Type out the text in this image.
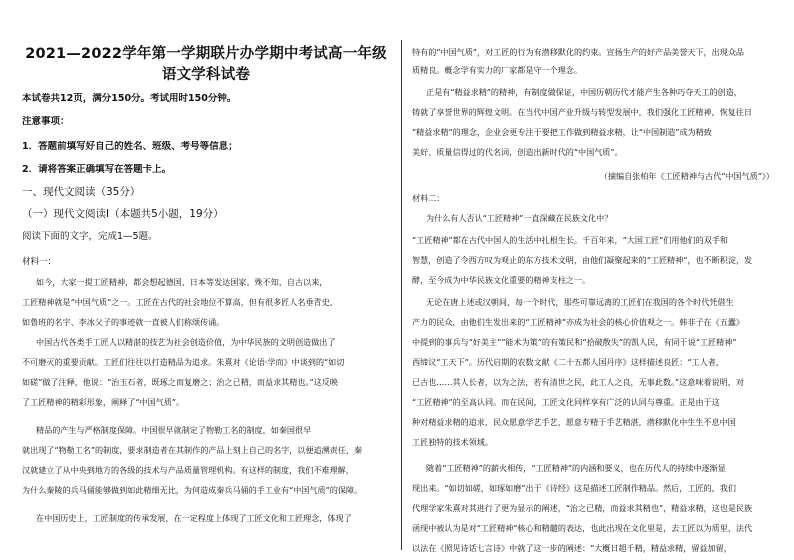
2021—2022学年第一学期联片办学期中考试高一年级
语文学科试卷

本试卷共12页，满分150分。考试用时150分钟。

注意事项：

1．答题前填写好自己的姓名、班级、考号等信息；

2．请将答案正确填写在答题卡上。

一、现代文阅读（35分）

（一）现代文阅读Ⅰ（本题共5小题，19分）

阅读下面的文字，完成1—5题。

材料一：

如今，大家一提工匠精神，都会想起德国、日本等发达国家。殊不知，自古以来，

工匠精神就是“中国气质”之一。工匠在古代的社会地位不算高，但有很多匠人名垂青史，

如鲁班的名字、李冰父子的事迹就一直被人们称颂传诵。

中国古代各类手工匠人以精湛的技艺为社会创造价值，为中华民族的文明创造做出了

不可磨灭的重要贡献。工匠们往往以打造精品为追求。朱熹对《论语·学而》中谈到的“如切

如磋”做了注释，他说：“治玉石者，既琢之而复磨之；治之已精，而益求其精也。”这反映

了工匠精神的精彩形象，阐释了“中国气质”。

精品的产生与严格制度保障。中国很早就制定了物勒工名的制度，如秦国很早

就出现了“物勒工名”的制度，要求制造者在其制作的产品上刻上自己的名字，以便追溯责任，秦

汉就建立了从中央到地方的各级的技术与产品质量管理机构。有这样的制度，我们不难理解，

为什么秦陵的兵马俑能够做到如此精细无比，为何造成秦兵马俑的手工业有“中国气质”的保障。

在中国历史上，工匠制度的传承发展，在一定程度上体现了工匠文化和工匠理念，体现了

特有的“中国气质”，对工匠的行为有潜移默化的约束。宣扬生产的好产品美誉天下，出现众品

质精良。概念学有实力的厂家都是守一个理念。

正是有“精益求精”的精神，有制度做保证，中国历朝历代才能产生各种巧夺天工的创造，

铸就了享誉世界的辉煌文明。在当代中国产业升级与转型发展中，我们强化工匠精神，恢复往日

“精益求精”的理念，企业会更专注于要把工作做到精益求精，让“中国制造”成为精致

美好、质量信得过的代名词，创造出新时代的“中国气质”。

（摘编自张柏年《工匠精神与古代“中国气质”》）

材料二：

为什么有人否认“工匠精神”一直深藏在民族文化中？

“工匠精神”都在古代中国人的生活中扎根生长。千百年来，“大国工匠”们用他们的双手和

智慧，创造了令西方叹为观止的东方技术文明，由他们凝聚起来的“工匠精神”，也不断积淀，发

酵，至今成为中华民族文化重要的精神支柱之一。

无论在唐上述或汉朝间，每一个时代，那些可靠远离的工匠们在我国的各个时代凭借生

产力的民众，由他们生发出来的“工匠精神”亦成为社会的核心价值观之一。韩非子在《五蠹》

中提到的事兵与“好美主”“能术为策”的有策民和“拾破散失”的凯人民，有同于说“工匠精神”

西缔议“工天下”。历代启期的农数文献《二十五都人国丹序》这样描述良匠：“工人者，

已古也……其人长者，以为之法，若有清世之民，此工人之良，无事此数。”这意味着说明，对

“工匠精神”的至高认同。而在民间，工匠文化同样享有广泛的认同与尊重。正是由于这

种对精益求精的追求，民众愿意学艺手艺，愿意专精于手艺精湛，潜移默化中生生不息中国

工匠独特的技术领域。

随着“工匠精神”的薪火相传，“工匠精神”的内涵和要义，也在历代人的持续中逐渐显

现出来。“如切如磋，如琢如磨”出于《诗经》这是描述工匠制作精品。然后，工匠的，我们

代理学家朱熹对其进行了更为显示的阐述，“治之已精，而益求其精也”，精益求精，这也是民族

函现中被认为是对“工匠精神”核心和精髓的表达，也此出现在文化里是，去工匠以为质里，法代

以法在《照见诗话七言诗》中就了这一步的阐述：“大概日超千精，精益求精，留益加留，
